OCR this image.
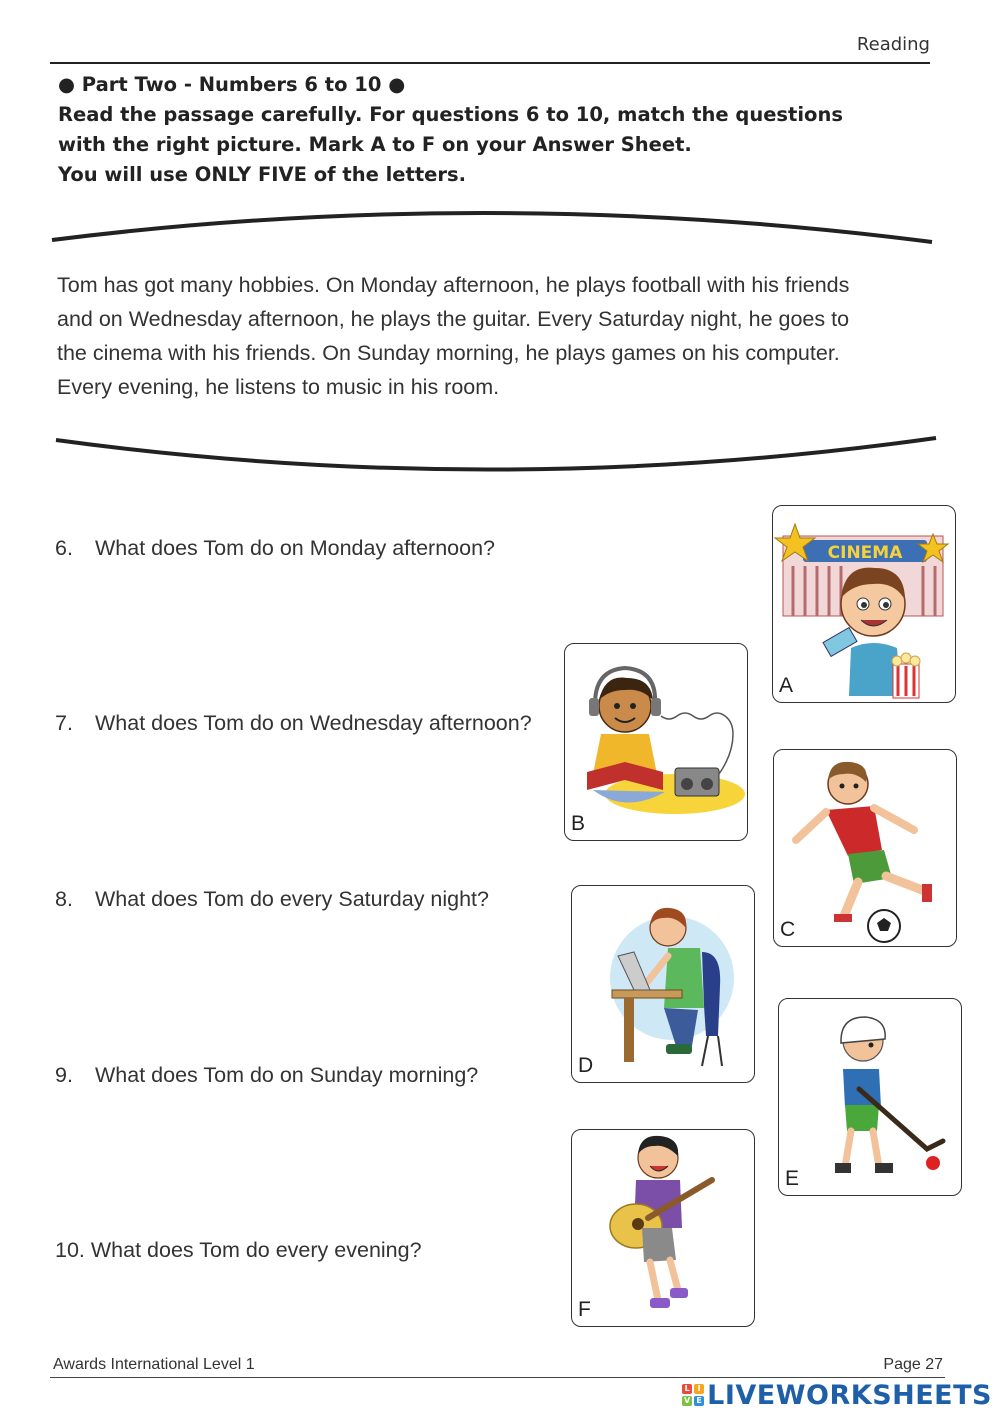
Reading
● Part Two - Numbers 6 to 10 ●
Read the passage carefully. For questions 6 to 10, match the questions
with the right picture. Mark A to F on your Answer Sheet.
You will use ONLY FIVE of the letters.

Tom has got many hobbies. On Monday afternoon, he plays football with his friends

and on Wednesday afternoon, he plays the guitar. Every Saturday night, he goes to

the cinema with his friends. On Sunday morning, he plays games on his computer.

Every evening, he listens to music in his room.

6. What does Tom do on Monday afternoon?
7. What does Tom do on Wednesday afternoon?
8. What does Tom do every Saturday night?
9. What does Tom do on Sunday morning?
10. What does Tom do every evening?
CINEMA
A
B
C
D
E
F
Awards International Level 1	Page 27
L I
V E LIVEWORKSHEETS
